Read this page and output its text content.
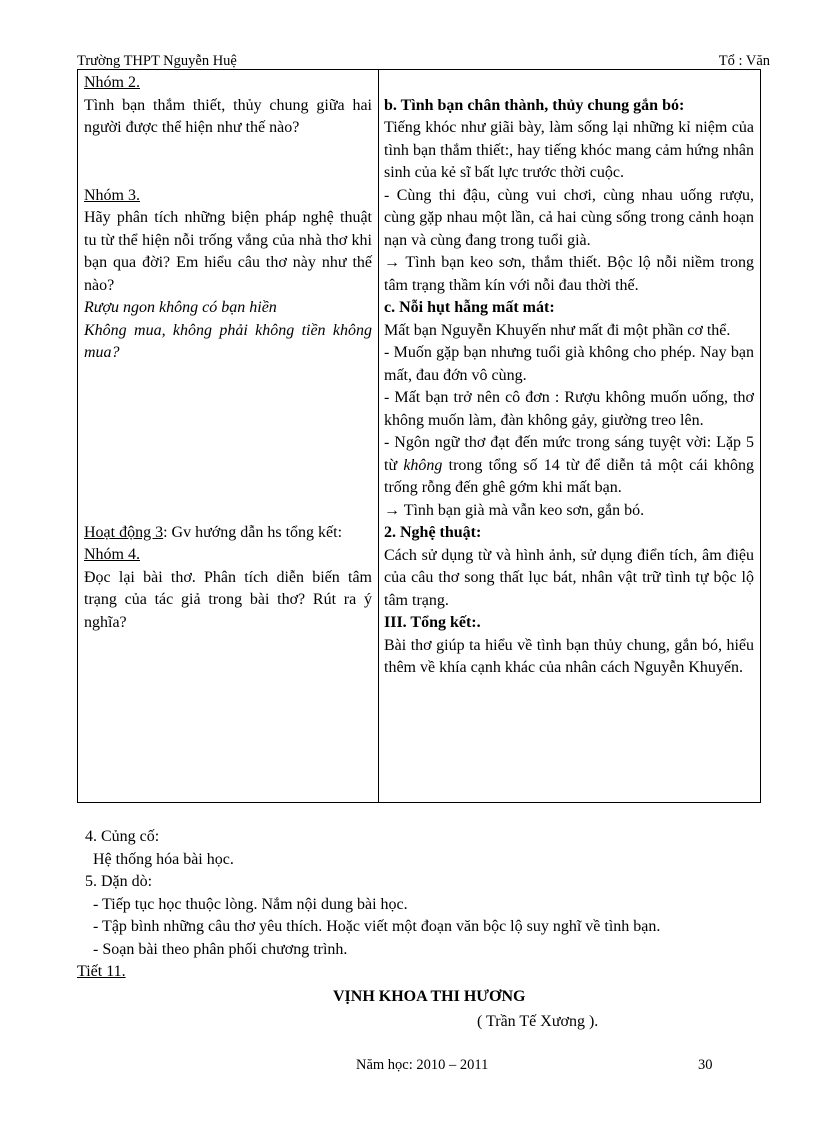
Trường THPT Nguyễn Huệ	Tổ : Văn

Nhóm 2.

Tình bạn thắm thiết, thủy chung giữa hai người được thể hiện như thế nào?

Nhóm 3.

Hãy phân tích những biện pháp nghệ thuật tu từ thể hiện nỗi trống vắng của nhà thơ khi bạn qua đời? Em hiểu câu thơ này như thế nào?

Rượu ngon không có bạn hiền

Không mua, không phải không tiền không mua?

Hoạt động 3: Gv hướng dẫn hs tổng kết:

Nhóm 4.

Đọc lại bài thơ. Phân tích diễn biến tâm trạng của tác giả trong bài thơ? Rút ra ý nghĩa?

b. Tình bạn chân thành, thủy chung gắn bó:

Tiếng khóc như giãi bày, làm sống lại những kỉ niệm của tình bạn thắm thiết:, hay tiếng khóc mang cảm hứng nhân sinh của kẻ sĩ bất lực trước thời cuộc.

- Cùng thi đậu, cùng vui chơi, cùng nhau uống rượu, cùng gặp nhau một lần, cả hai cùng sống trong cảnh hoạn nạn và cùng đang trong tuổi già.

→ Tình bạn keo sơn, thắm thiết. Bộc lộ nỗi niềm trong tâm trạng thầm kín với nỗi đau thời thế.

c. Nỗi hụt hẫng mất mát:

Mất bạn Nguyễn Khuyến như mất đi một phần cơ thể.

- Muốn gặp bạn nhưng tuổi già không cho phép. Nay bạn mất, đau đớn vô cùng.

- Mất bạn trở nên cô đơn : Rượu không muốn uống, thơ không muốn làm, đàn không gảy, giường treo lên.

- Ngôn ngữ thơ đạt đến mức trong sáng tuyệt vời: Lặp 5 từ không trong tổng số 14 từ để diễn tả một cái không trống rỗng đến ghê gớm khi mất bạn.

→ Tình bạn già mà vẫn keo sơn, gắn bó.

2. Nghệ thuật:

Cách sử dụng từ và hình ảnh, sử dụng điển tích, âm điệu của câu thơ song thất lục bát, nhân vật trữ tình tự bộc lộ tâm trạng.

III. Tổng kết:.

Bài thơ giúp ta hiểu về tình bạn thủy chung, gắn bó, hiểu thêm về khía cạnh khác của nhân cách Nguyễn Khuyến.

4. Củng cố:

Hệ thống hóa bài học.

5. Dặn dò:

- Tiếp tục học thuộc lòng. Nắm nội dung bài học.

- Tập bình những câu thơ yêu thích. Hoặc viết một đoạn văn bộc lộ suy nghĩ về tình bạn.

- Soạn bài theo phân phối chương trình.

Tiết 11.

VỊNH KHOA THI HƯƠNG
( Trần Tế Xương ).
Năm học: 2010 – 2011	30
